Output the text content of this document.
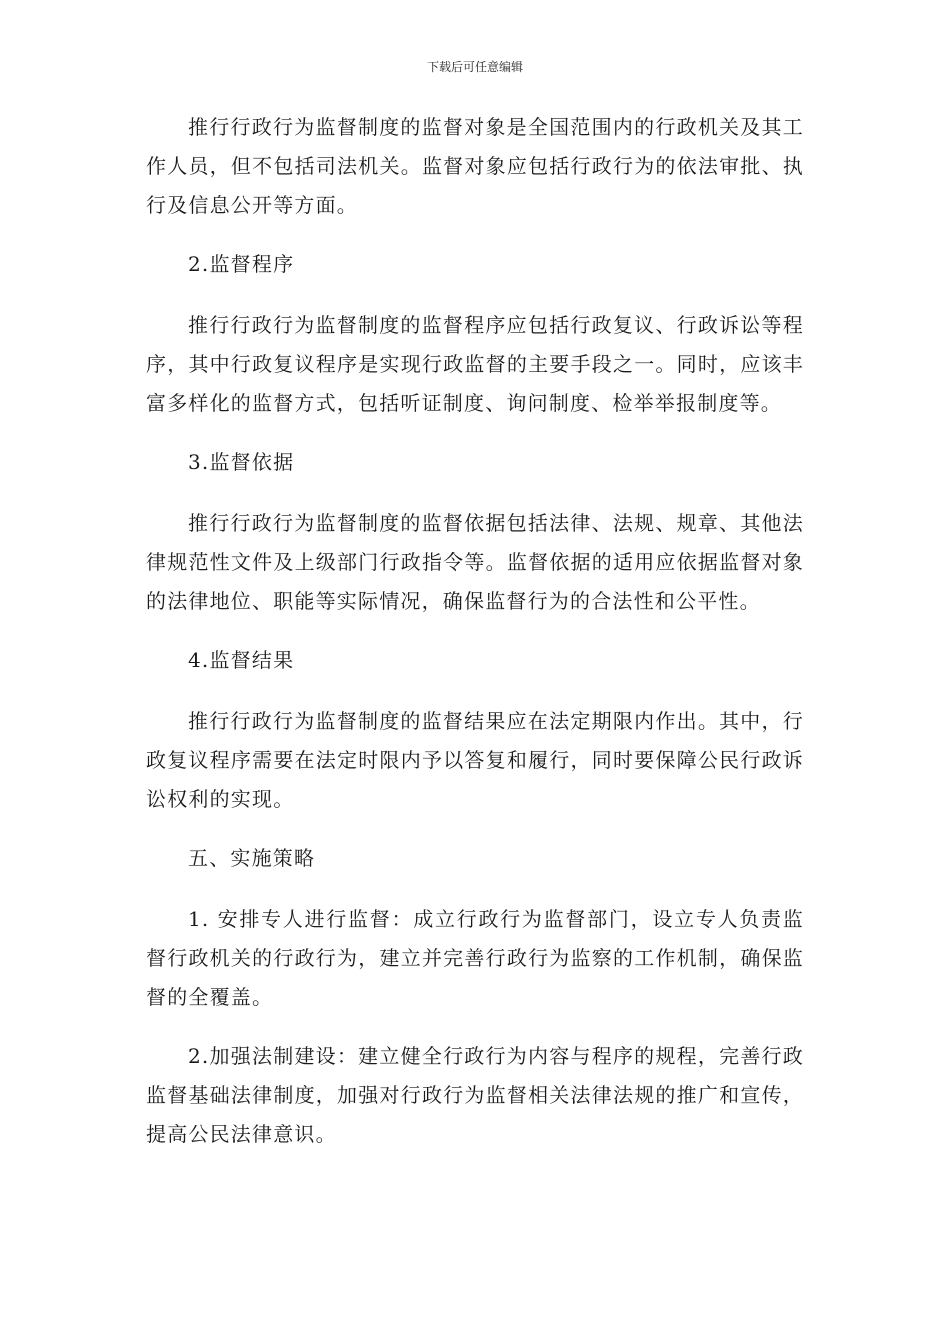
下载后可任意编辑

推行行政行为监督制度的监督对象是全国范围内的行政机关及其工作人员，但不包括司法机关。监督对象应包括行政行为的依法审批、执行及信息公开等方面。

2.监督程序

推行行政行为监督制度的监督程序应包括行政复议、行政诉讼等程序，其中行政复议程序是实现行政监督的主要手段之一。同时，应该丰富多样化的监督方式，包括听证制度、询问制度、检举举报制度等。

3.监督依据

推行行政行为监督制度的监督依据包括法律、法规、规章、其他法律规范性文件及上级部门行政指令等。监督依据的适用应依据监督对象的法律地位、职能等实际情况，确保监督行为的合法性和公平性。

4.监督结果

推行行政行为监督制度的监督结果应在法定期限内作出。其中，行政复议程序需要在法定时限内予以答复和履行，同时要保障公民行政诉讼权利的实现。

五、实施策略

1. 安排专人进行监督：成立行政行为监督部门，设立专人负责监督行政机关的行政行为，建立并完善行政行为监察的工作机制，确保监督的全覆盖。

2.加强法制建设：建立健全行政行为内容与程序的规程，完善行政监督基础法律制度，加强对行政行为监督相关法律法规的推广和宣传，提高公民法律意识。
